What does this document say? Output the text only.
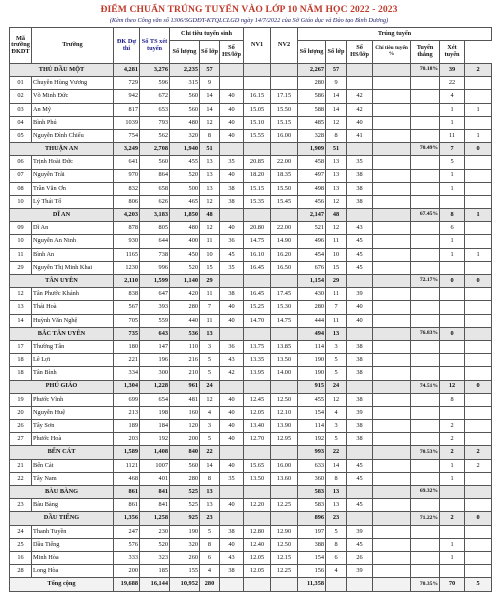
ĐIỂM CHUẨN TRÚNG TUYỂN VÀO LỚP 10 NĂM HỌC 2022 - 2023
(Kèm theo Công văn số 1306/SGDĐT-KTQLCLGD ngày 14/7/2022 của Sở Giáo dục và Đào tạo Bình Dương)
Mã trường ĐKDT	Trường	ĐK Dự thi	Số TS xét tuyển	Chỉ tiêu tuyển sinh			NV1	NV2	Trúng tuyển						
				Số lượng	Số lớp	Số HS/lớp			Số lượng	Số lớp	Số HS/lớp	Chỉ tiêu tuyển %	Tuyển thẳng	Xét tuyển	
THỦ DẦU MỘT		4,281	3,276	2,235	57				2,267	57			70.18%	39	2
01	Chuyên Hùng Vương	729	596	315	9				280	9				22	
02	Võ Minh Đức	942	672	560	14	40	16.15	17.15	586	14	42			4	
03	An Mỹ	817	653	560	14	40	15.05	15.50	588	14	42			1	1
04	Bình Phú	1039	793	480	12	40	15.10	15.15	485	12	40			1	
05	Nguyễn Đình Chiểu	754	562	320	8	40	15.55	16.00	328	8	41			11	1
THUẬN AN		3,249	2,708	1,940	51				1,909	51			70.49%	7	0
06	Trịnh Hoài Đức	641	560	455	13	35	20.85	22.00	458	13	35			5	
07	Nguyễn Trãi	970	864	520	13	40	18.20	18.35	497	13	38			1	
08	Trần Văn Ơn	832	658	500	13	38	15.15	15.50	498	13	38			1	
10	Lý Thái Tổ	806	626	465	12	38	15.35	15.45	456	12	38				
DĨ AN		4,203	3,183	1,850	48				2,147	48			67.45%	8	1
09	Dĩ An	878	805	480	12	40	20.80	22.00	521	12	43			6	
10	Nguyễn An Ninh	930	644	400	11	36	14.75	14.90	496	11	45			1	
11	Bình An	1165	738	450	10	45	16.10	16.20	454	10	45			1	1
29	Nguyễn Thị Minh Khai	1230	996	520	15	35	16.45	16.50	676	15	45				
TÂN UYÊN		2,110	1,599	1,140	29				1,154	29			72.17%	0	0
12	Tân Phước Khánh	838	647	420	11	38	16.45	17.45	430	11	39				
13	Thái Hoà	567	393	280	7	40	15.25	15.30	280	7	40				
14	Huỳnh Văn Nghệ	705	559	440	11	40	14.70	14.75	444	11	40				
BẮC TÂN UYÊN		735	643	536	13				494	13			76.83%	0	
17	Thường Tân	180	147	110	3	36	13.75	13.85	114	3	38				
18	Lê Lợi	221	196	216	5	43	13.35	13.50	190	5	38				
18	Tân Bình	334	300	210	5	42	13.95	14.00	190	5	38				
PHÚ GIÁO		1,304	1,228	961	24				915	24			74.51%	12	0
19	Phước Vĩnh	699	654	481	12	40	12.45	12.50	455	12	38			8	
20	Nguyễn Huệ	213	198	160	4	40	12.05	12.10	154	4	39				
26	Tây Sơn	189	184	120	3	40	13.40	13.90	114	3	38			2	
27	Phước Hoà	203	192	200	5	40	12.70	12.95	192	5	38			2	
BẾN CÁT		1,589	1,408	840	22				993	22			70.53%	2	2
21	Bến Cát	1121	1007	560	14	40	15.65	16.00	633	14	45			1	2
22	Tây Nam	468	401	280	8	35	13.50	13.60	360	8	45			1	
BÀU BÀNG		861	841	525	13				583	13			69.32%		
23	Bàu Bàng	861	841	525	13	40	12.20	12.25	583	13	45				
DẦU TIẾNG		1,356	1,258	925	23				896	23			71.22%	2	0
24	Thanh Tuyền	247	230	190	5	38	12.80	12.90	197	5	39				
25	Dầu Tiếng	576	520	320	8	40	12.40	12.50	388	8	45			1	
16	Minh Hòa	333	323	260	6	43	12.05	12.15	154	6	26			1	
28	Long Hòa	200	185	155	4	38	12.05	12.25	156	4	39				
Tổng cộng		19,688	16,144	10,952	280				11,358				70.35%	70	5
